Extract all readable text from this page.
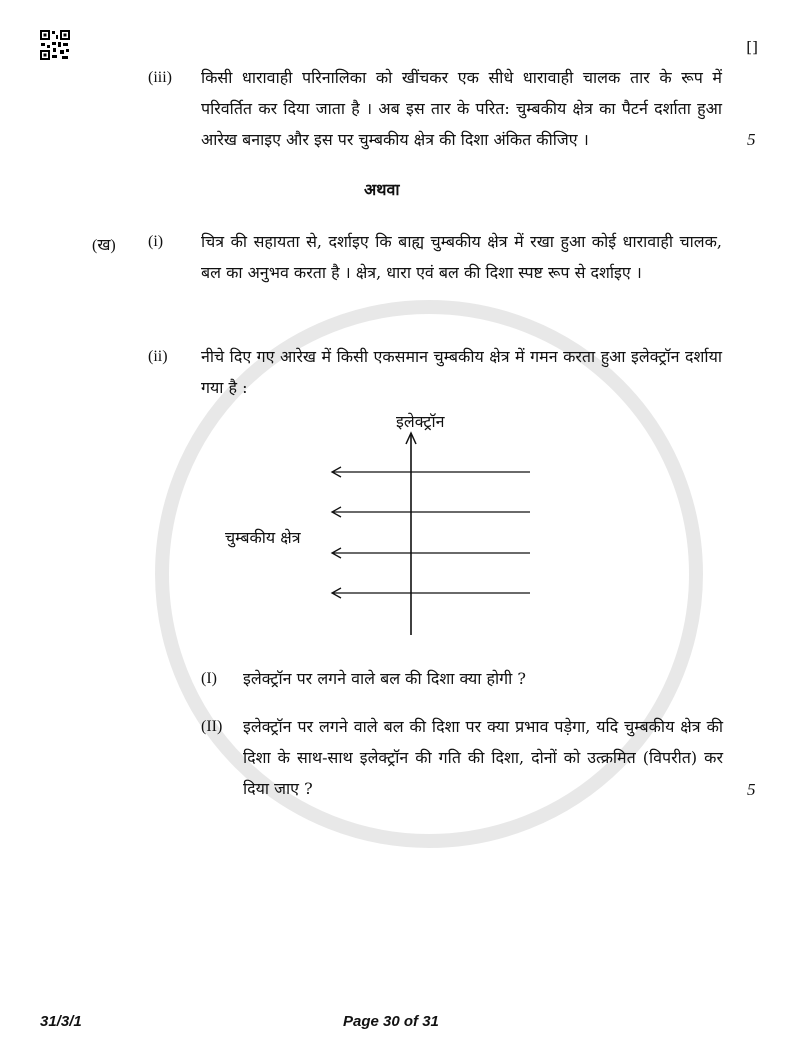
[]
(iii) किसी धारावाही परिनालिका को खींचकर एक सीधे धारावाही चालक तार के रूप में परिवर्तित कर दिया जाता है । अब इस तार के परित: चुम्बकीय क्षेत्र का पैटर्न दर्शाता हुआ आरेख बनाइए और इस पर चुम्बकीय क्षेत्र की दिशा अंकित कीजिए ।	5
अथवा
(ख) (i) चित्र की सहायता से, दर्शाइए कि बाह्य चुम्बकीय क्षेत्र में रखा हुआ कोई धारावाही चालक, बल का अनुभव करता है । क्षेत्र, धारा एवं बल की दिशा स्पष्ट रूप से दर्शाइए ।
(ii) नीचे दिए गए आरेख में किसी एकसमान चुम्बकीय क्षेत्र में गमन करता हुआ इलेक्ट्रॉन दर्शाया गया है :
इलेक्ट्रॉन
चुम्बकीय क्षेत्र
(I) इलेक्ट्रॉन पर लगने वाले बल की दिशा क्या होगी ?
(II) इलेक्ट्रॉन पर लगने वाले बल की दिशा पर क्या प्रभाव पड़ेगा, यदि चुम्बकीय क्षेत्र की दिशा के साथ-साथ इलेक्ट्रॉन की गति की दिशा, दोनों को उत्क्रमित (विपरीत) कर दिया जाए ?	5
31/3/1	Page 30 of 31
